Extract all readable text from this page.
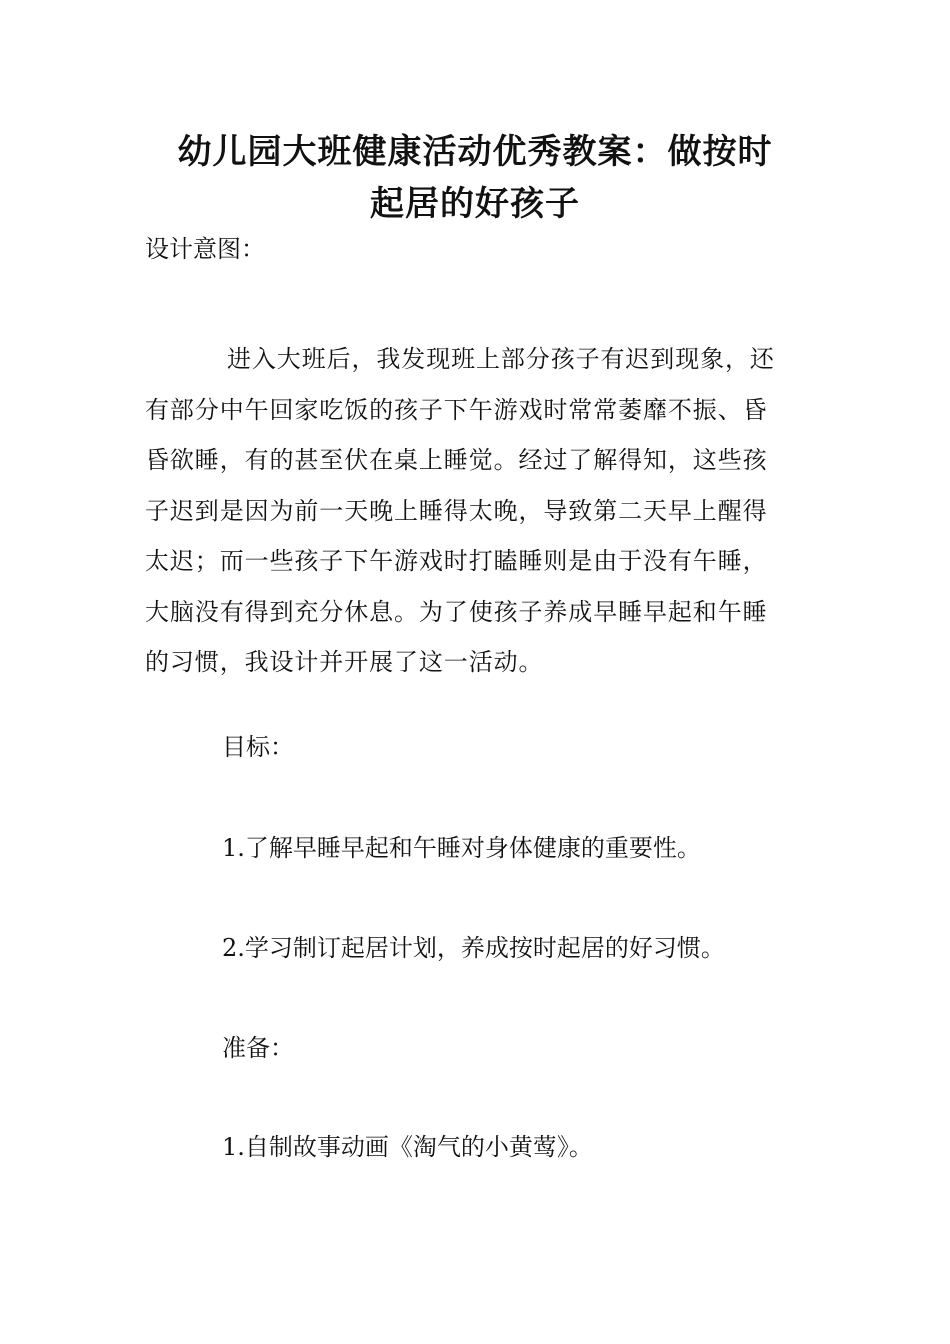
幼儿园大班健康活动优秀教案：做按时
起居的好孩子

设计意图：

进入大班后，我发现班上部分孩子有迟到现象，还
有部分中午回家吃饭的孩子下午游戏时常常萎靡不振、昏
昏欲睡，有的甚至伏在桌上睡觉。经过了解得知，这些孩
子迟到是因为前一天晚上睡得太晚，导致第二天早上醒得
太迟；而一些孩子下午游戏时打瞌睡则是由于没有午睡，
大脑没有得到充分休息。为了使孩子养成早睡早起和午睡
的习惯，我设计并开展了这一活动。

目标：

1.了解早睡早起和午睡对身体健康的重要性。

2.学习制订起居计划，养成按时起居的好习惯。

准备：

1.自制故事动画《淘气的小黄莺》。
